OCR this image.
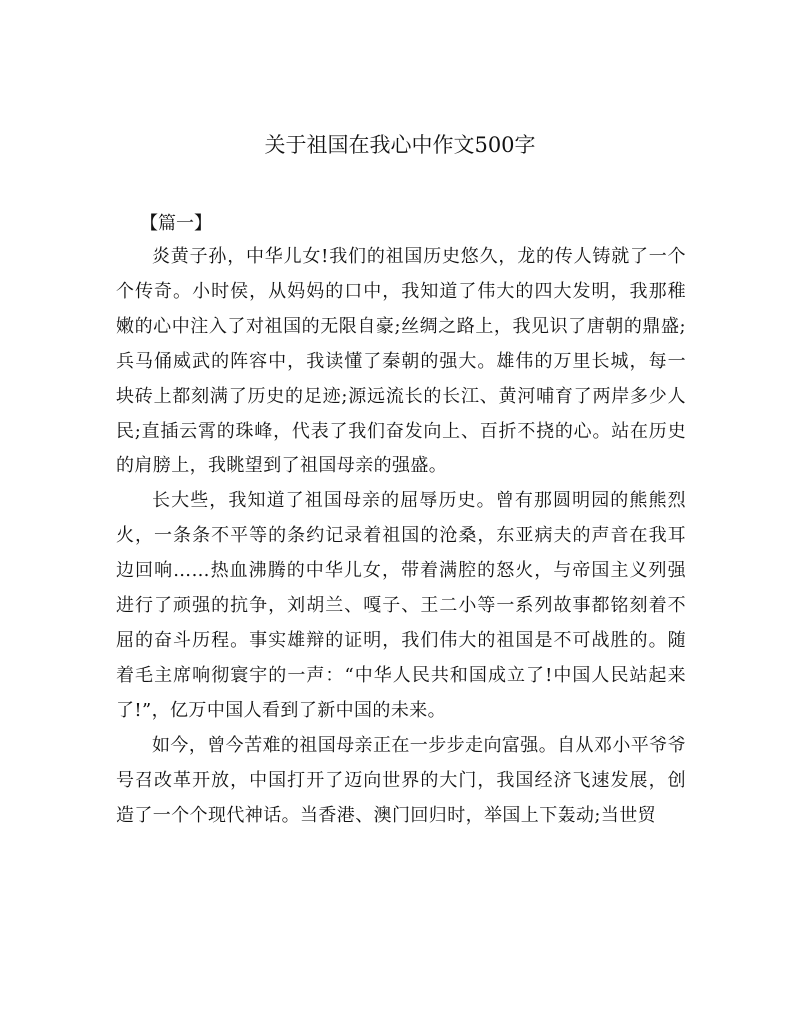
关于祖国在我心中作文500字
【篇一】

炎黄子孙，中华儿女!我们的祖国历史悠久，龙的传人铸就了一个个传奇。小时侯，从妈妈的口中，我知道了伟大的四大发明，我那稚嫩的心中注入了对祖国的无限自豪;丝绸之路上，我见识了唐朝的鼎盛;兵马俑威武的阵容中，我读懂了秦朝的强大。雄伟的万里长城，每一块砖上都刻满了历史的足迹;源远流长的长江、黄河哺育了两岸多少人民;直插云霄的珠峰，代表了我们奋发向上、百折不挠的心。站在历史的肩膀上，我眺望到了祖国母亲的强盛。

长大些，我知道了祖国母亲的屈辱历史。曾有那圆明园的熊熊烈火，一条条不平等的条约记录着祖国的沧桑，东亚病夫的声音在我耳边回响……热血沸腾的中华儿女，带着满腔的怒火，与帝国主义列强进行了顽强的抗争，刘胡兰、嘎子、王二小等一系列故事都铭刻着不屈的奋斗历程。事实雄辩的证明，我们伟大的祖国是不可战胜的。随着毛主席响彻寰宇的一声：“中华人民共和国成立了!中国人民站起来了!”，亿万中国人看到了新中国的未来。

如今，曾今苦难的祖国母亲正在一步步走向富强。自从邓小平爷爷号召改革开放，中国打开了迈向世界的大门，我国经济飞速发展，创造了一个个现代神话。当香港、澳门回归时，举国上下轰动;当世贸
